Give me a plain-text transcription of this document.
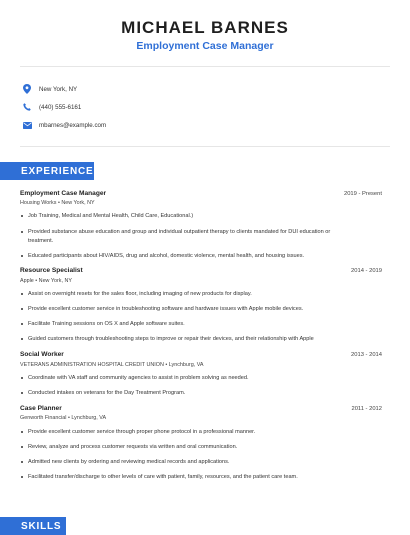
MICHAEL BARNES
Employment Case Manager
New York, NY
(440) 555-6161
mbarnes@example.com
EXPERIENCE
Employment Case Manager	2019 - Present
Housing Works • New York, NY
Job Training, Medical and Mental Health, Child Care, Educational.)
Provided substance abuse education and group and individual outpatient therapy to clients mandated for DUI education or treatment.
Educated participants about HIV/AIDS, drug and alcohol, domestic violence, mental health, and housing issues.
Resource Specialist	2014 - 2019
Apple • New York, NY
Assist on overnight resets for the sales floor, including imaging of new products for display.
Provide excellent customer service in troubleshooting software and hardware issues with Apple mobile devices.
Facilitate Training sessions on OS X and Apple software suites.
Guided customers through troubleshooting steps to improve or repair their devices, and their relationship with Apple
Social Worker	2013 - 2014
VETERANS ADMINISTRATION HOSPITAL CREDIT UNION • Lynchburg, VA
Coordinate with VA staff and community agencies to assist in problem solving as needed.
Conducted intakes on veterans for the Day Treatment Program.
Case Planner	2011 - 2012
Genworth Financial • Lynchburg, VA
Provide excellent customer service through proper phone protocol in a professional manner.
Review, analyze and process customer requests via written and oral communication.
Admitted new clients by ordering and reviewing medical records and applications.
Facilitated transfer/discharge to other levels of care with patient, family, resources, and the patient care team.
SKILLS
